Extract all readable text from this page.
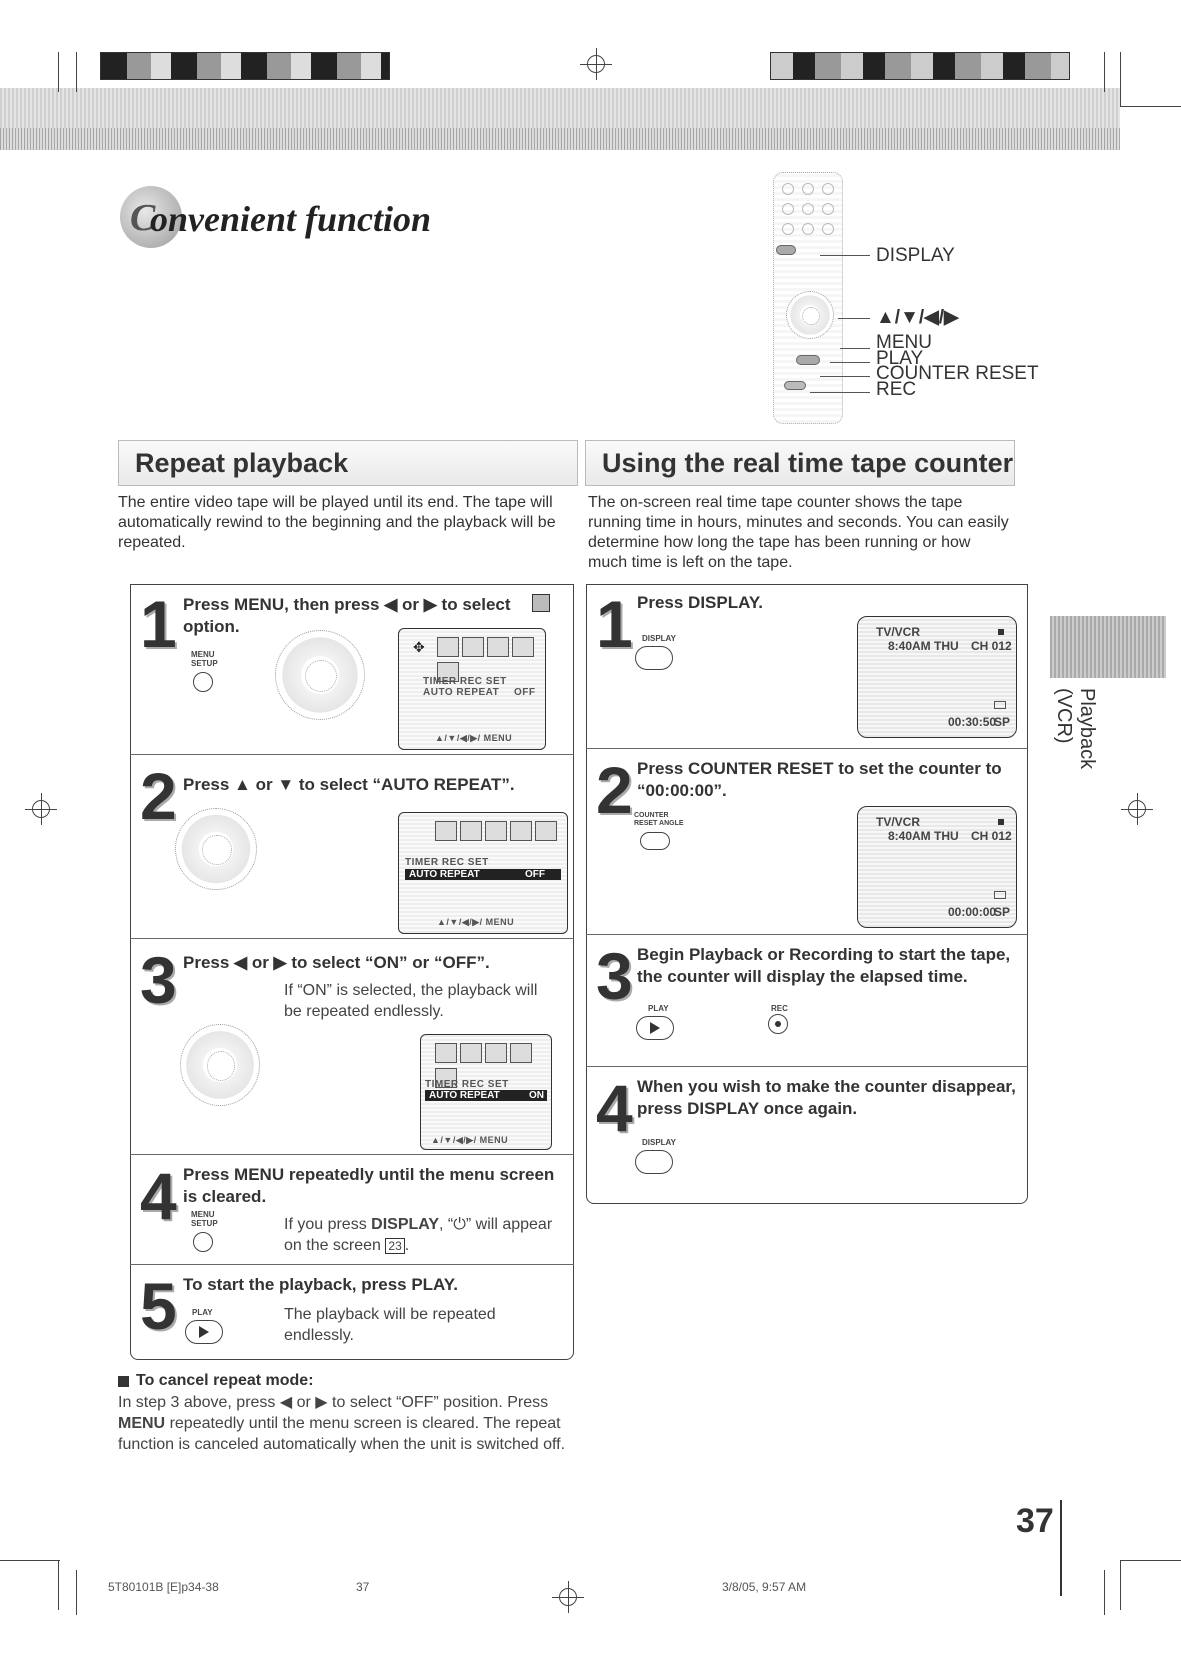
C
onvenient function
DISPLAY
▲/▼/◀/▶
MENU
PLAY
COUNTER RESET
REC
Repeat playback	Using the real time tape counter
The entire video tape will be played until its end. The tape will automatically rewind to the beginning and the playback will be repeated.
The on-screen real time tape counter shows the tape running time in hours, minutes and seconds. You can easily determine how long the tape has been running or how much time is left on the tape.
1 Press MENU, then press ◀ or ▶ to select
option.
MENU SETUP
✥
TIMER REC SET
AUTO REPEAT OFF
▲/▼/◀/▶/ MENU
2 Press ▲ or ▼ to select “AUTO REPEAT”.
TIMER REC SET
AUTO REPEAT	OFF
▲/▼/◀/▶/ MENU
3 Press ◀ or ▶ to select “ON” or “OFF”.
If “ON” is selected, the playback will be repeated endlessly.
TIMER REC SET
AUTO REPEAT	ON
▲/▼/◀/▶/ MENU
4 Press MENU repeatedly until the menu screen is cleared.
MENU SETUP	If you press DISPLAY, “⏻” will appear on the screen 23 .
5 To start the playback, press PLAY.
PLAY	The playback will be repeated endlessly.
To cancel repeat mode:
In step 3 above, press ◀ or ▶ to select “OFF” position. Press MENU repeatedly until the menu screen is cleared. The repeat function is canceled automatically when the unit is switched off.
1 Press DISPLAY.
DISPLAY	TV/VCR
8:40AM THU CH 012
00:30:50
SP
2 Press COUNTER RESET to set the counter to “00:00:00”.
COUNTER RESET ANGLE	TV/VCR
8:40AM THU CH 012
00:00:00
SP
3 Begin Playback or Recording to start the tape, the counter will display the elapsed time.
PLAY	REC
4 When you wish to make the counter disappear, press DISPLAY once again.
DISPLAY
Playback (VCR)
37
5T80101B [E]p34-38	37	3/8/05, 9:57 AM
